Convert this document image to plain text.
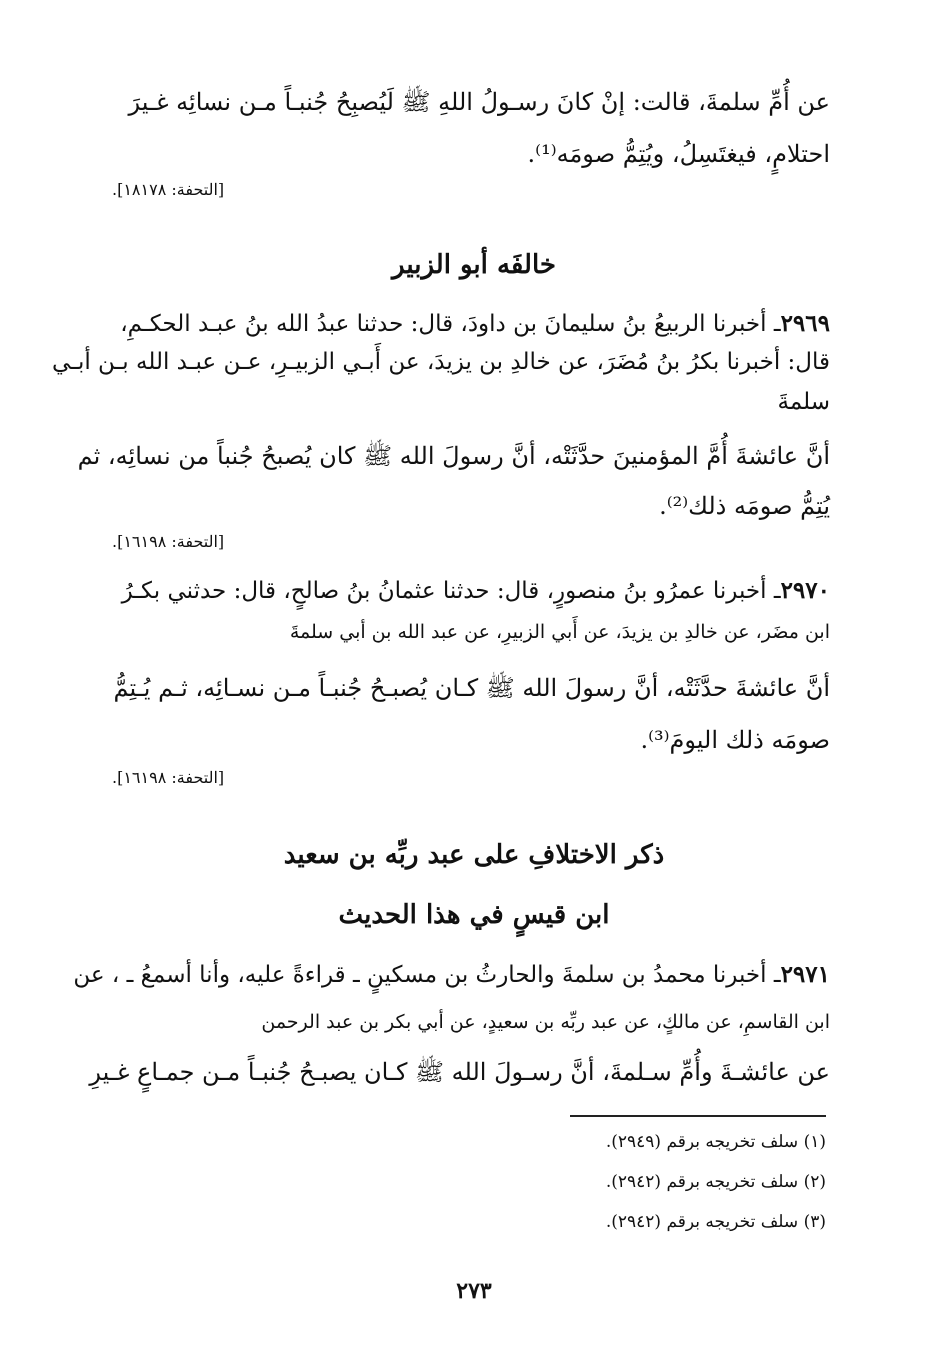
عن أُمِّ سلمةَ، قالت: إنْ كانَ رسـولُ اللهِ ﷺ لَيُصبِحُ جُنبـاً مـن نسائِه غـيرَ
احتلامٍ، فيغتَسِلُ، ويُتِمُّ صومَه⁽¹⁾.
[التحفة: ١٨١٧٨].
خالفَه أبو الزبير
٢٩٦٩ـ أخبرنا الربيعُ بنُ سليمانَ بن داودَ، قال: حدثنا عبدُ الله بنُ عبـد الحكـمِ،
قال: أخبرنا بكرُ بنُ مُضَرَ، عن خالدِ بن يزيدَ، عن أَبـي الزبيـرِ، عـن عبـد الله بـن أبـي
سلمةَ
أنَّ عائشةَ أُمَّ المؤمنينَ حدَّثَتْه، أنَّ رسولَ الله ﷺ كان يُصبحُ جُنباً من نسائِه، ثم
يُتِمُّ صومَه ذلك⁽²⁾.
[التحفة: ١٦١٩٨].
٢٩٧٠ـ أخبرنا عمرُو بنُ منصورٍ، قال: حدثنا عثمانُ بنُ صالحٍ، قال: حدثني بكـرُ
ابن مضَر، عن خالدِ بن يزيدَ، عن أَبي الزبيرِ، عن عبد الله بن أبي سلمةَ
أنَّ عائشةَ حدَّثَتْه، أنَّ رسولَ الله ﷺ كـان يُصبـحُ جُنبـاً مـن نسـائِه، ثـم يُـتِمُّ
صومَه ذلك اليومَ⁽³⁾.
[التحفة: ١٦١٩٨].
ذكر الاختلافِ على عبد ربِّه بن سعيد
ابن قيسٍ في هذا الحديث
٢٩٧١ـ أخبرنا محمدُ بن سلمةَ والحارثُ بن مسكينٍ ـ قراءةً عليه، وأنا أسمعُ ـ ، عن
ابن القاسمِ، عن مالكٍ، عن عبد ربِّه بن سعيدٍ، عن أبي بكر بن عبد الرحمن
عن عائشـةَ وأُمِّ سـلمةَ، أنَّ رسـولَ الله ﷺ كـان يصبـحُ جُنبـاً مـن جمـاعٍ غـيرِ
(١) سلف تخريجه برقم (٢٩٤٩).
(٢) سلف تخريجه برقم (٢٩٤٢).
(٣) سلف تخريجه برقم (٢٩٤٢).
٢٧٣
